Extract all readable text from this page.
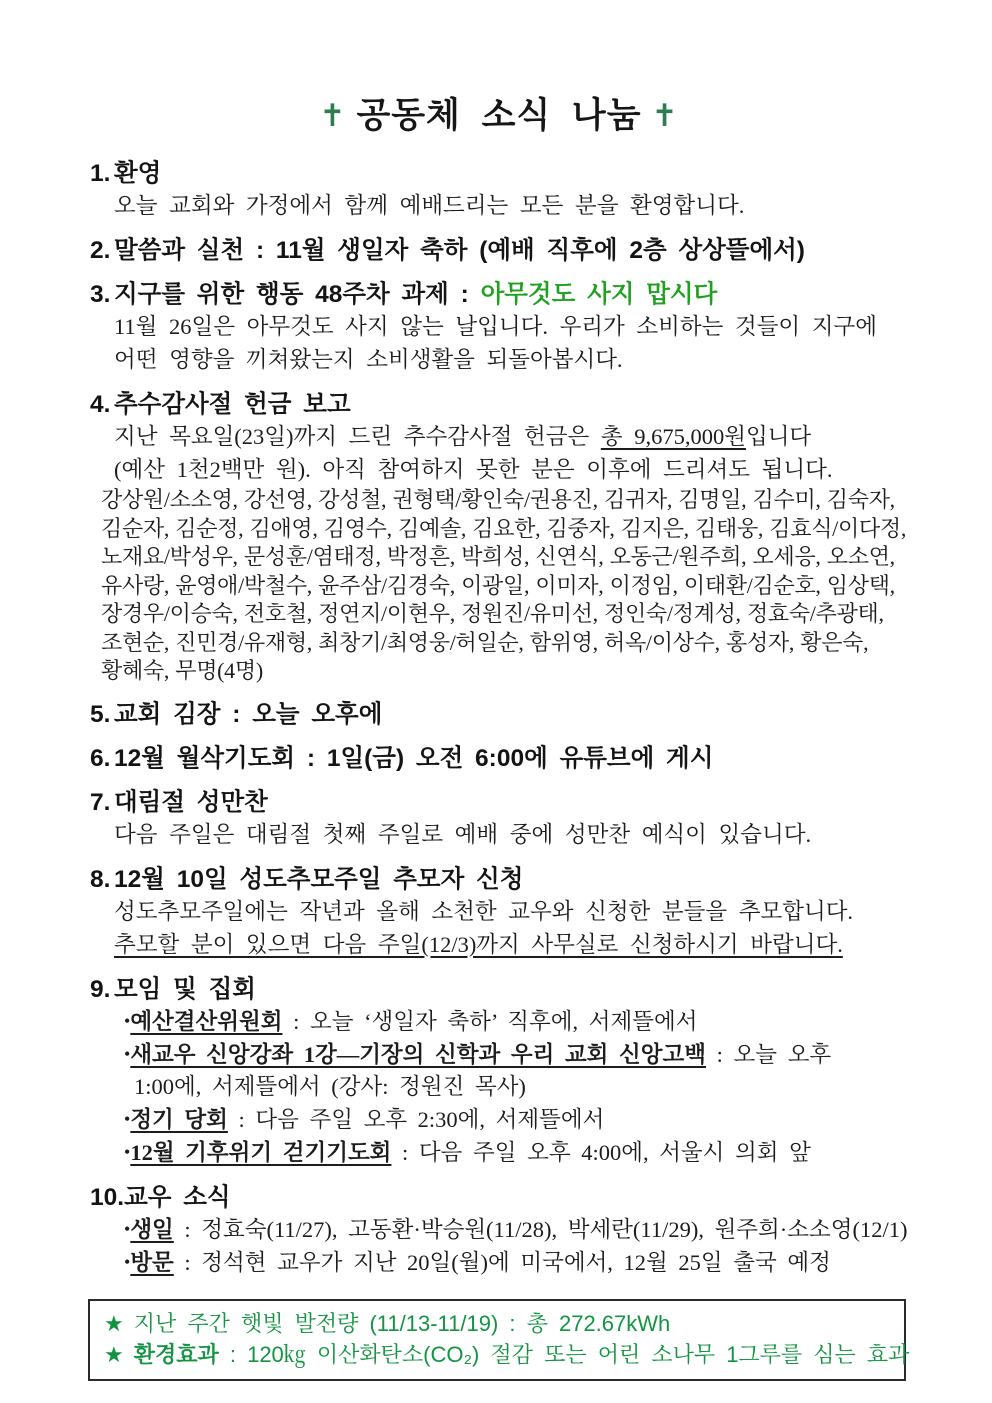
✝ 공동체 소식 나눔 ✝
1. 환영
오늘 교회와 가정에서 함께 예배드리는 모든 분을 환영합니다.
2. 말씀과 실천 : 11월 생일자 축하 (예배 직후에 2층 상상뜰에서)
3. 지구를 위한 행동 48주차 과제 : 아무것도 사지 맙시다
11월 26일은 아무것도 사지 않는 날입니다. 우리가 소비하는 것들이 지구에
어떤 영향을 끼쳐왔는지 소비생활을 되돌아봅시다.
4. 추수감사절 헌금 보고
지난 목요일(23일)까지 드린 추수감사절 헌금은 총 9,675,000원입니다
(예산 1천2백만 원). 아직 참여하지 못한 분은 이후에 드리셔도 됩니다.
강상원/소소영, 강선영, 강성철, 권형택/황인숙/권용진, 김귀자, 김명일, 김수미, 김숙자,
김순자, 김순정, 김애영, 김영수, 김예솔, 김요한, 김중자, 김지은, 김태웅, 김효식/이다정,
노재요/박성우, 문성훈/염태정, 박정흔, 박희성, 신연식, 오동근/원주희, 오세응, 오소연,
유사랑, 윤영애/박철수, 윤주삼/김경숙, 이광일, 이미자, 이정임, 이태환/김순호, 임상택,
장경우/이승숙, 전호철, 정연지/이현우, 정원진/유미선, 정인숙/정계성, 정효숙/추광태,
조현순, 진민경/유재형, 최창기/최영웅/허일순, 함위영, 허옥/이상수, 홍성자, 황은숙,
황혜숙, 무명(4명)
5. 교회 김장 : 오늘 오후에
6. 12월 월삭기도회 : 1일(금) 오전 6:00에 유튜브에 게시
7. 대림절 성만찬
다음 주일은 대림절 첫째 주일로 예배 중에 성만찬 예식이 있습니다.
8. 12월 10일 성도추모주일 추모자 신청
성도추모주일에는 작년과 올해 소천한 교우와 신청한 분들을 추모합니다.
추모할 분이 있으면 다음 주일(12/3)까지 사무실로 신청하시기 바랍니다.
9. 모임 및 집회
•예산결산위원회 : 오늘 ‘생일자 축하’ 직후에, 서제뜰에서
•새교우 신앙강좌 1강—기장의 신학과 우리 교회 신앙고백 : 오늘 오후
1:00에, 서제뜰에서 (강사: 정원진 목사)
•정기 당회 : 다음 주일 오후 2:30에, 서제뜰에서
•12월 기후위기 걷기기도회 : 다음 주일 오후 4:00에, 서울시 의회 앞
10. 교우 소식
•생일 : 정효숙(11/27), 고동환·박승원(11/28), 박세란(11/29), 원주희·소소영(12/1)
•방문 : 정석현 교우가 지난 20일(월)에 미국에서, 12월 25일 출국 예정
★ 지난 주간 햇빛 발전량 (11/13-11/19) : 총 272.67kWh
★ 환경효과 : 120㎏ 이산화탄소(CO₂) 절감 또는 어린 소나무 1그루를 심는 효과
